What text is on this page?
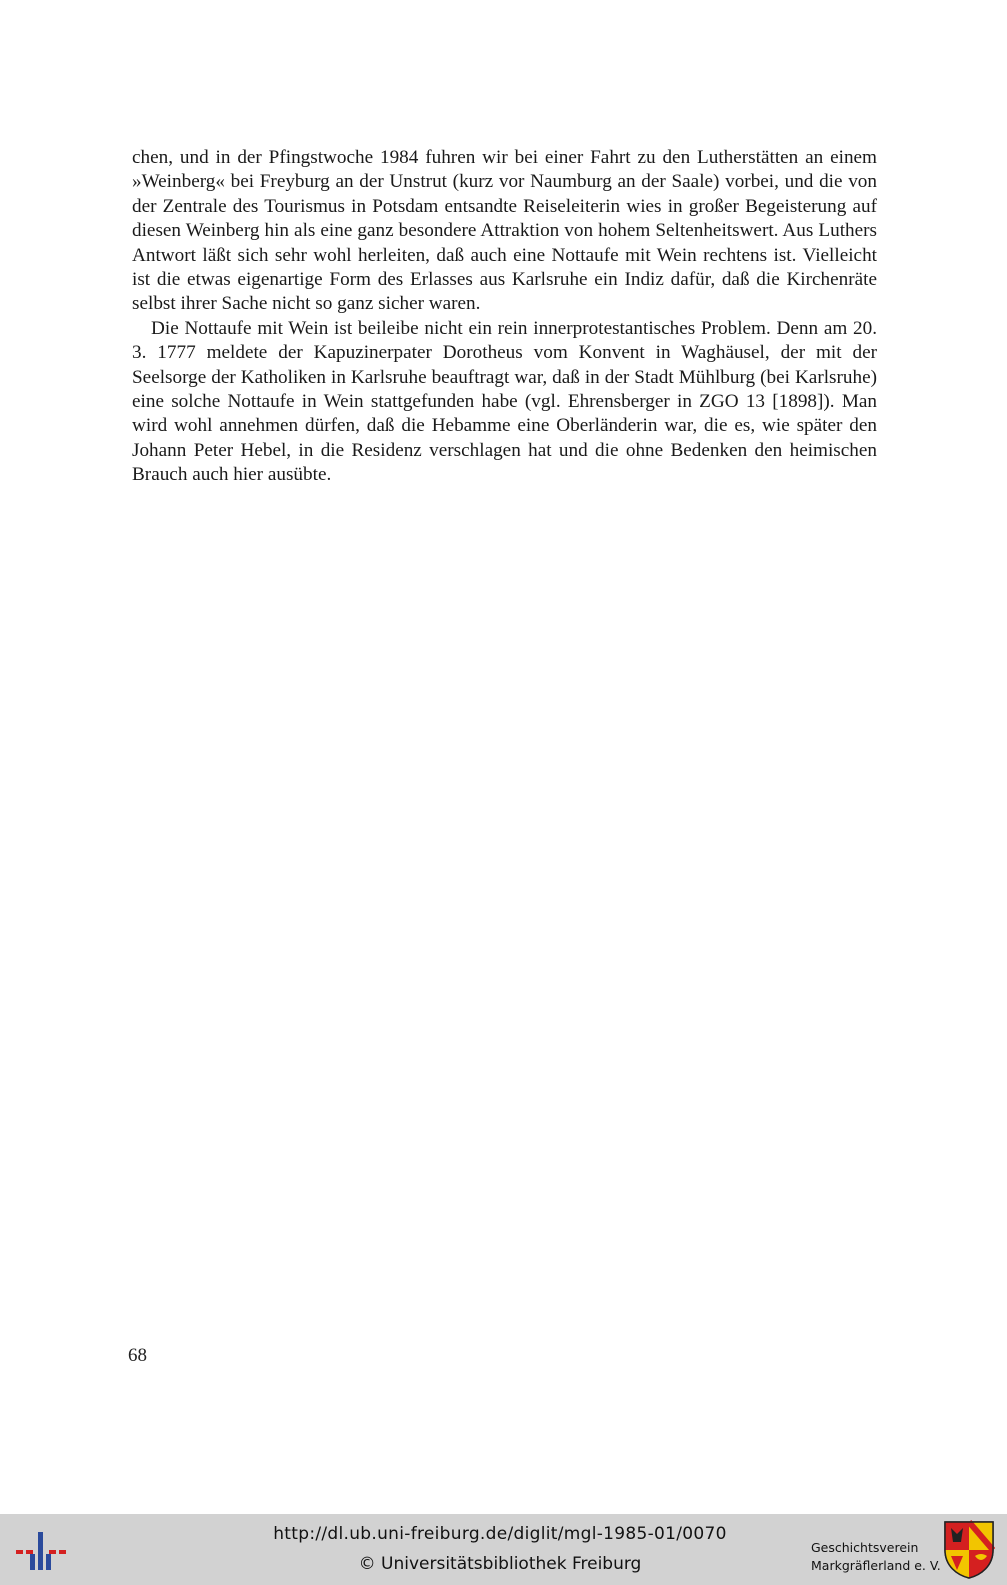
chen, und in der Pfingstwoche 1984 fuhren wir bei einer Fahrt zu den Lutherstätten an einem »Weinberg« bei Freyburg an der Unstrut (kurz vor Naumburg an der Saale) vorbei, und die von der Zentrale des Tourismus in Potsdam entsandte Reiseleiterin wies in großer Begeisterung auf diesen Weinberg hin als eine ganz besondere Attraktion von hohem Seltenheitswert. Aus Luthers Antwort läßt sich sehr wohl herleiten, daß auch eine Nottaufe mit Wein rechtens ist. Vielleicht ist die etwas eigenartige Form des Erlasses aus Karlsruhe ein Indiz dafür, daß die Kirchenräte selbst ihrer Sache nicht so ganz sicher waren.

Die Nottaufe mit Wein ist beileibe nicht ein rein innerprotestantisches Problem. Denn am 20. 3. 1777 meldete der Kapuzinerpater Dorotheus vom Konvent in Waghäusel, der mit der Seelsorge der Katholiken in Karlsruhe beauftragt war, daß in der Stadt Mühlburg (bei Karlsruhe) eine solche Nottaufe in Wein stattgefunden habe (vgl. Ehrensberger in ZGO 13 [1898]). Man wird wohl annehmen dürfen, daß die Hebamme eine Oberländerin war, die es, wie später den Johann Peter Hebel, in die Residenz verschlagen hat und die ohne Bedenken den heimischen Brauch auch hier ausübte.

68
http://dl.ub.uni-freiburg.de/diglit/mgl-1985-01/0070
© Universitätsbibliothek Freiburg
Geschichtsverein
Markgräflerland e. V.
